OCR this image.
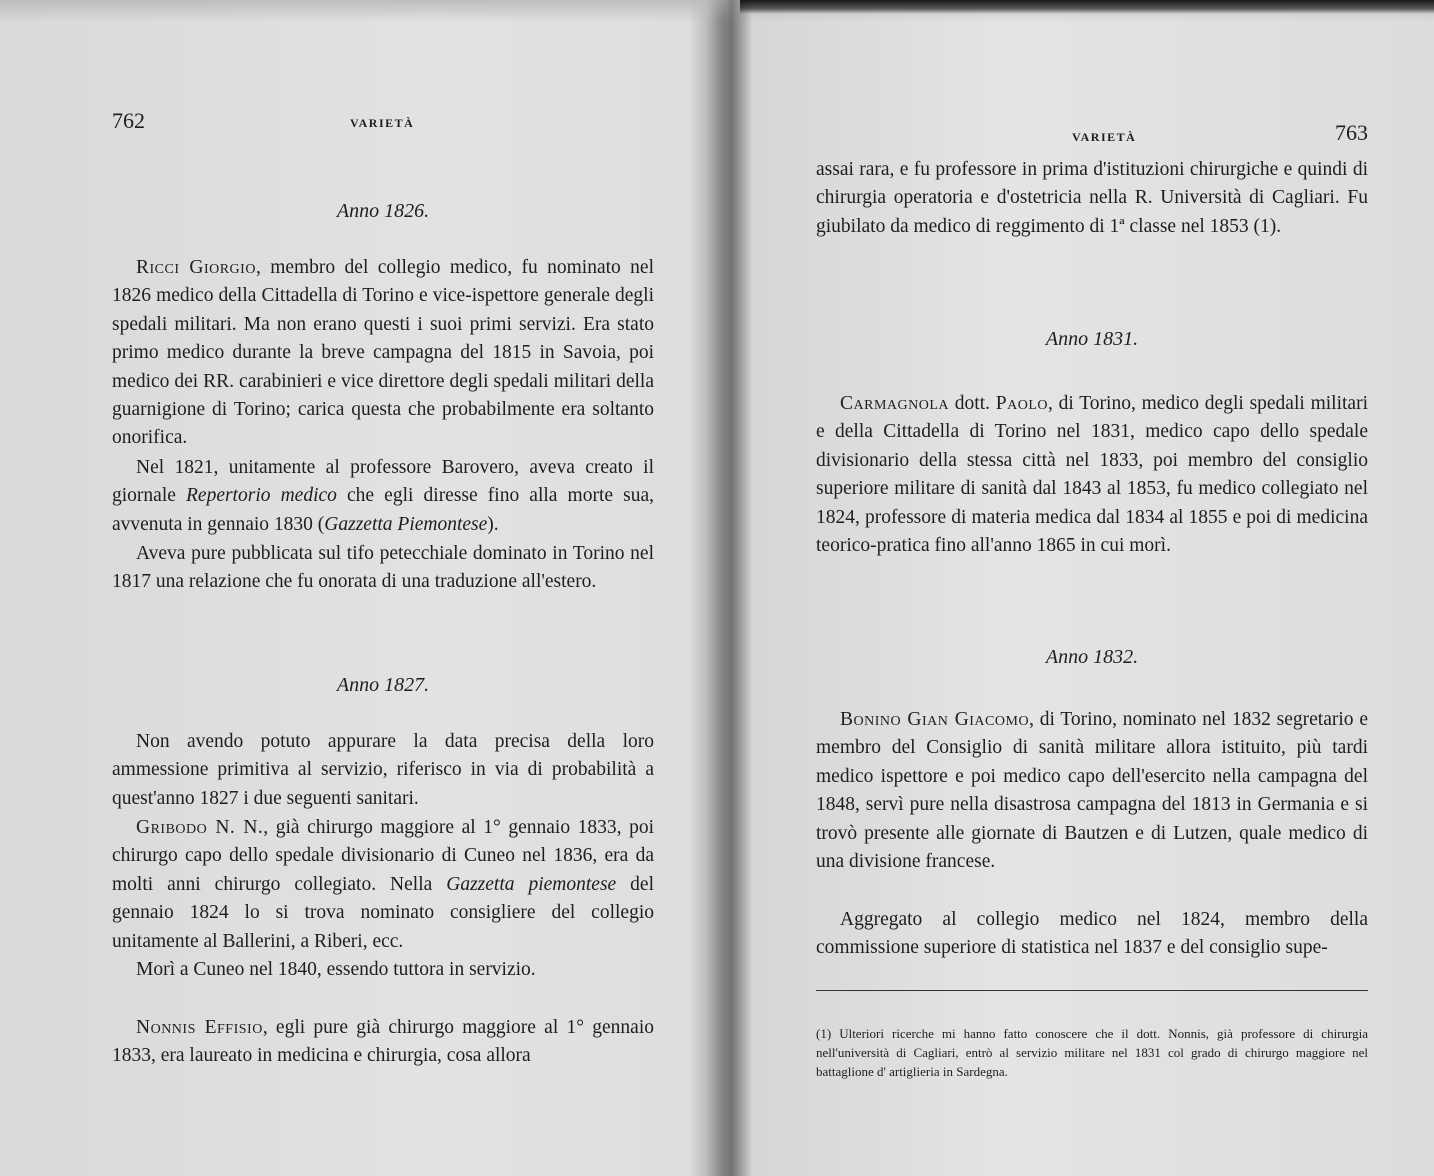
762	VARIETÀ
Anno 1826.

Ricci Giorgio, membro del collegio medico, fu nominato nel 1826 medico della Cittadella di Torino e vice-ispettore generale degli spedali militari. Ma non erano questi i suoi primi servizi. Era stato primo medico durante la breve campagna del 1815 in Savoia, poi medico dei RR. carabinieri e vice direttore degli spedali militari della guarnigione di Torino; carica questa che probabilmente era soltanto onorifica.

Nel 1821, unitamente al professore Barovero, aveva creato il giornale Repertorio medico che egli diresse fino alla morte sua, avvenuta in gennaio 1830 (Gazzetta Piemontese).

Aveva pure pubblicata sul tifo petecchiale dominato in Torino nel 1817 una relazione che fu onorata di una traduzione all'estero.

Anno 1827.

Non avendo potuto appurare la data precisa della loro ammessione primitiva al servizio, riferisco in via di probabilità a quest'anno 1827 i due seguenti sanitari.

Gribodo N. N., già chirurgo maggiore al 1° gennaio 1833, poi chirurgo capo dello spedale divisionario di Cuneo nel 1836, era da molti anni chirurgo collegiato. Nella Gazzetta piemontese del gennaio 1824 lo si trova nominato consigliere del collegio unitamente al Ballerini, a Riberi, ecc.

Morì a Cuneo nel 1840, essendo tuttora in servizio.

Nonnis Effisio, egli pure già chirurgo maggiore al 1° gennaio 1833, era laureato in medicina e chirurgia, cosa allora

VARIETÀ	763

assai rara, e fu professore in prima d'istituzioni chirurgiche e quindi di chirurgia operatoria e d'ostetricia nella R. Università di Cagliari. Fu giubilato da medico di reggimento di 1ª classe nel 1853 (1).

Anno 1831.

Carmagnola dott. Paolo, di Torino, medico degli spedali militari e della Cittadella di Torino nel 1831, medico capo dello spedale divisionario della stessa città nel 1833, poi membro del consiglio superiore militare di sanità dal 1843 al 1853, fu medico collegiato nel 1824, professore di materia medica dal 1834 al 1855 e poi di medicina teorico-pratica fino all'anno 1865 in cui morì.

Anno 1832.

Bonino Gian Giacomo, di Torino, nominato nel 1832 segretario e membro del Consiglio di sanità militare allora istituito, più tardi medico ispettore e poi medico capo dell'esercito nella campagna del 1848, servì pure nella disastrosa campagna del 1813 in Germania e si trovò presente alle giornate di Bautzen e di Lutzen, quale medico di una divisione francese.

Aggregato al collegio medico nel 1824, membro della commissione superiore di statistica nel 1837 e del consiglio supe-

(1) Ulteriori ricerche mi hanno fatto conoscere che il dott. Nonnis, già professore di chirurgia nell'università di Cagliari, entrò al servizio militare nel 1831 col grado di chirurgo maggiore nel battaglione d' artiglieria in Sardegna.
